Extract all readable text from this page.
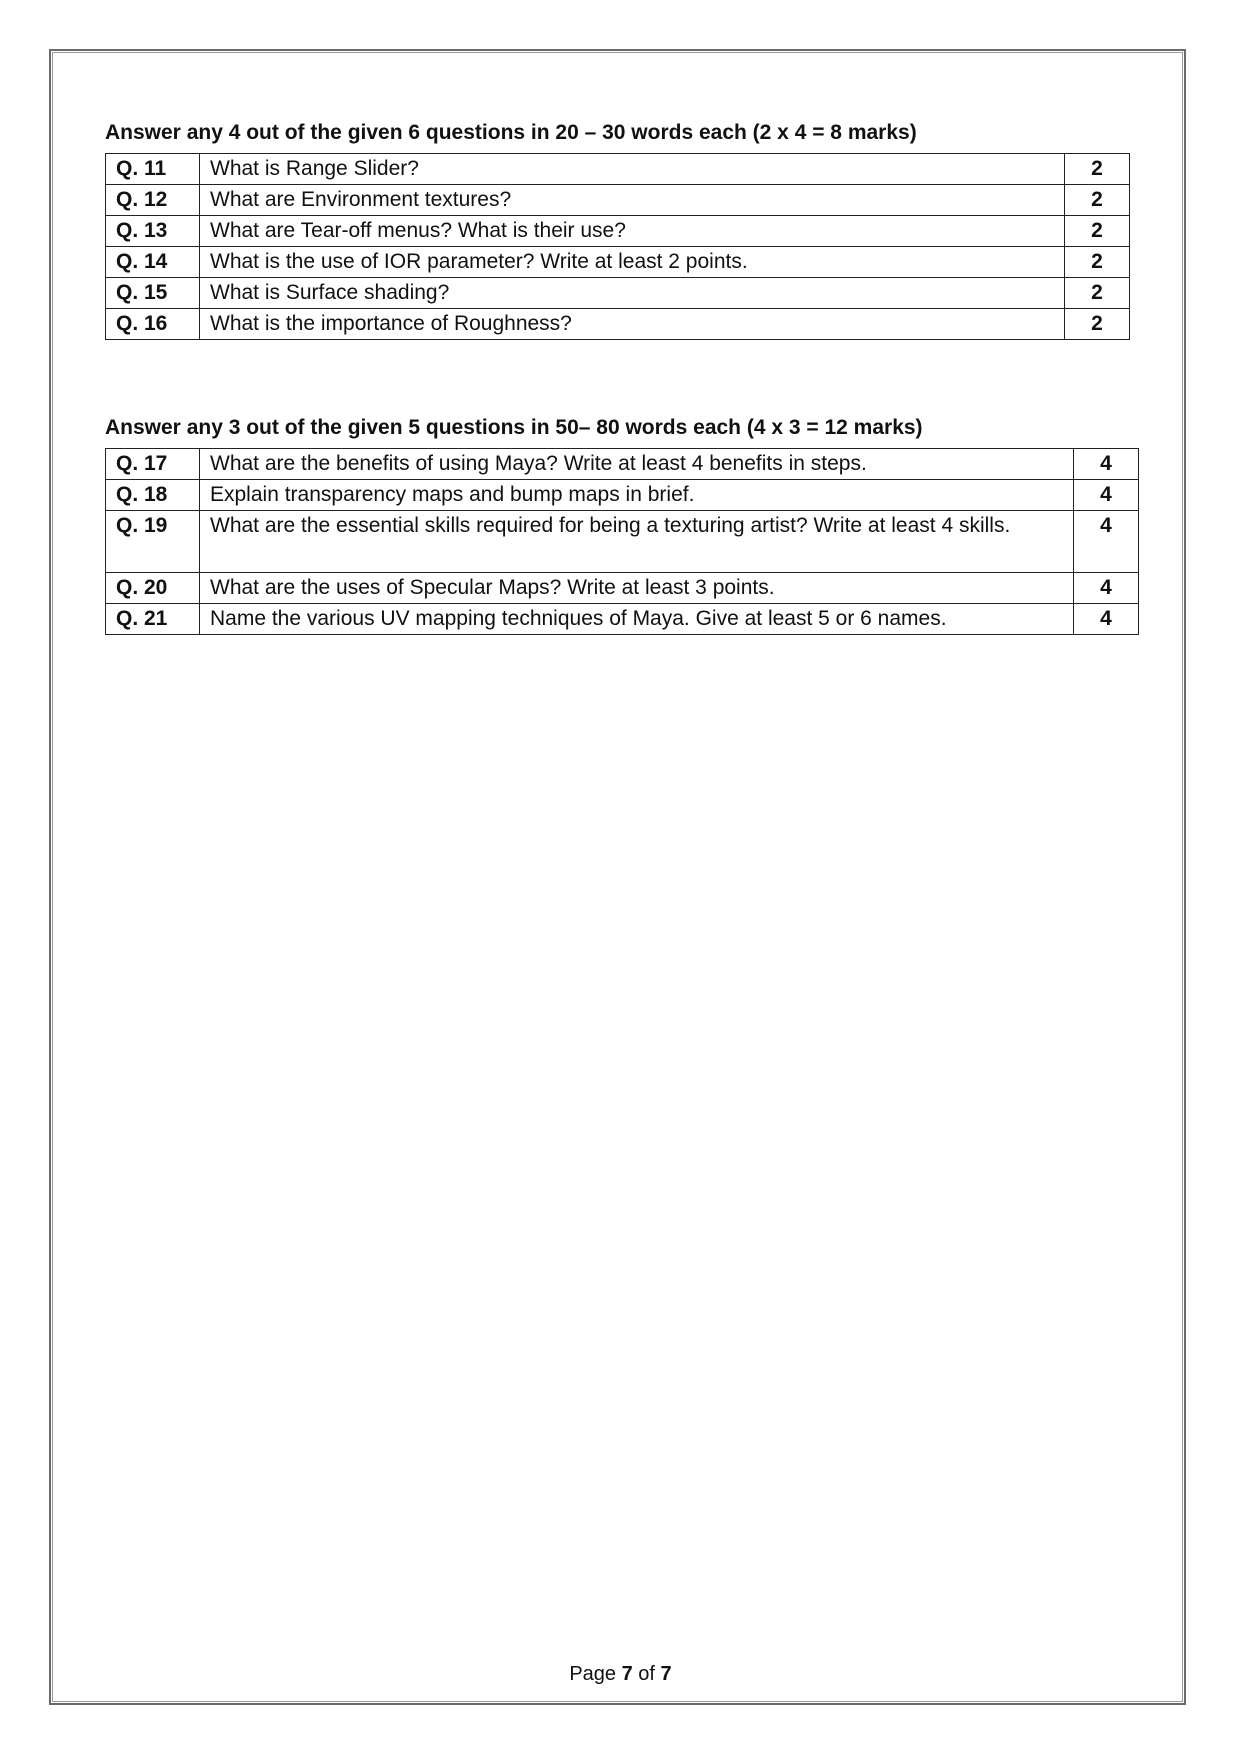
Answer any 4 out of the given 6 questions in 20 – 30 words each (2 x 4 = 8 marks)
Q. 11	What is Range Slider?	2
Q. 12	What are Environment textures?	2
Q. 13	What are Tear-off menus? What is their use?	2
Q. 14	What is the use of IOR parameter? Write at least 2 points.	2
Q. 15	What is Surface shading?	2
Q. 16	What is the importance of Roughness?	2
Answer any 3 out of the given 5 questions in 50– 80 words each (4 x 3 = 12 marks)
Q. 17	What are the benefits of using Maya? Write at least 4 benefits in steps.	4
Q. 18	Explain transparency maps and bump maps in brief.	4
Q. 19	What are the essential skills required for being a texturing artist? Write at least 4 skills.	4
Q. 20	What are the uses of Specular Maps? Write at least 3 points.	4
Q. 21	Name the various UV mapping techniques of Maya. Give at least 5 or 6 names.	4
Page 7 of 7
